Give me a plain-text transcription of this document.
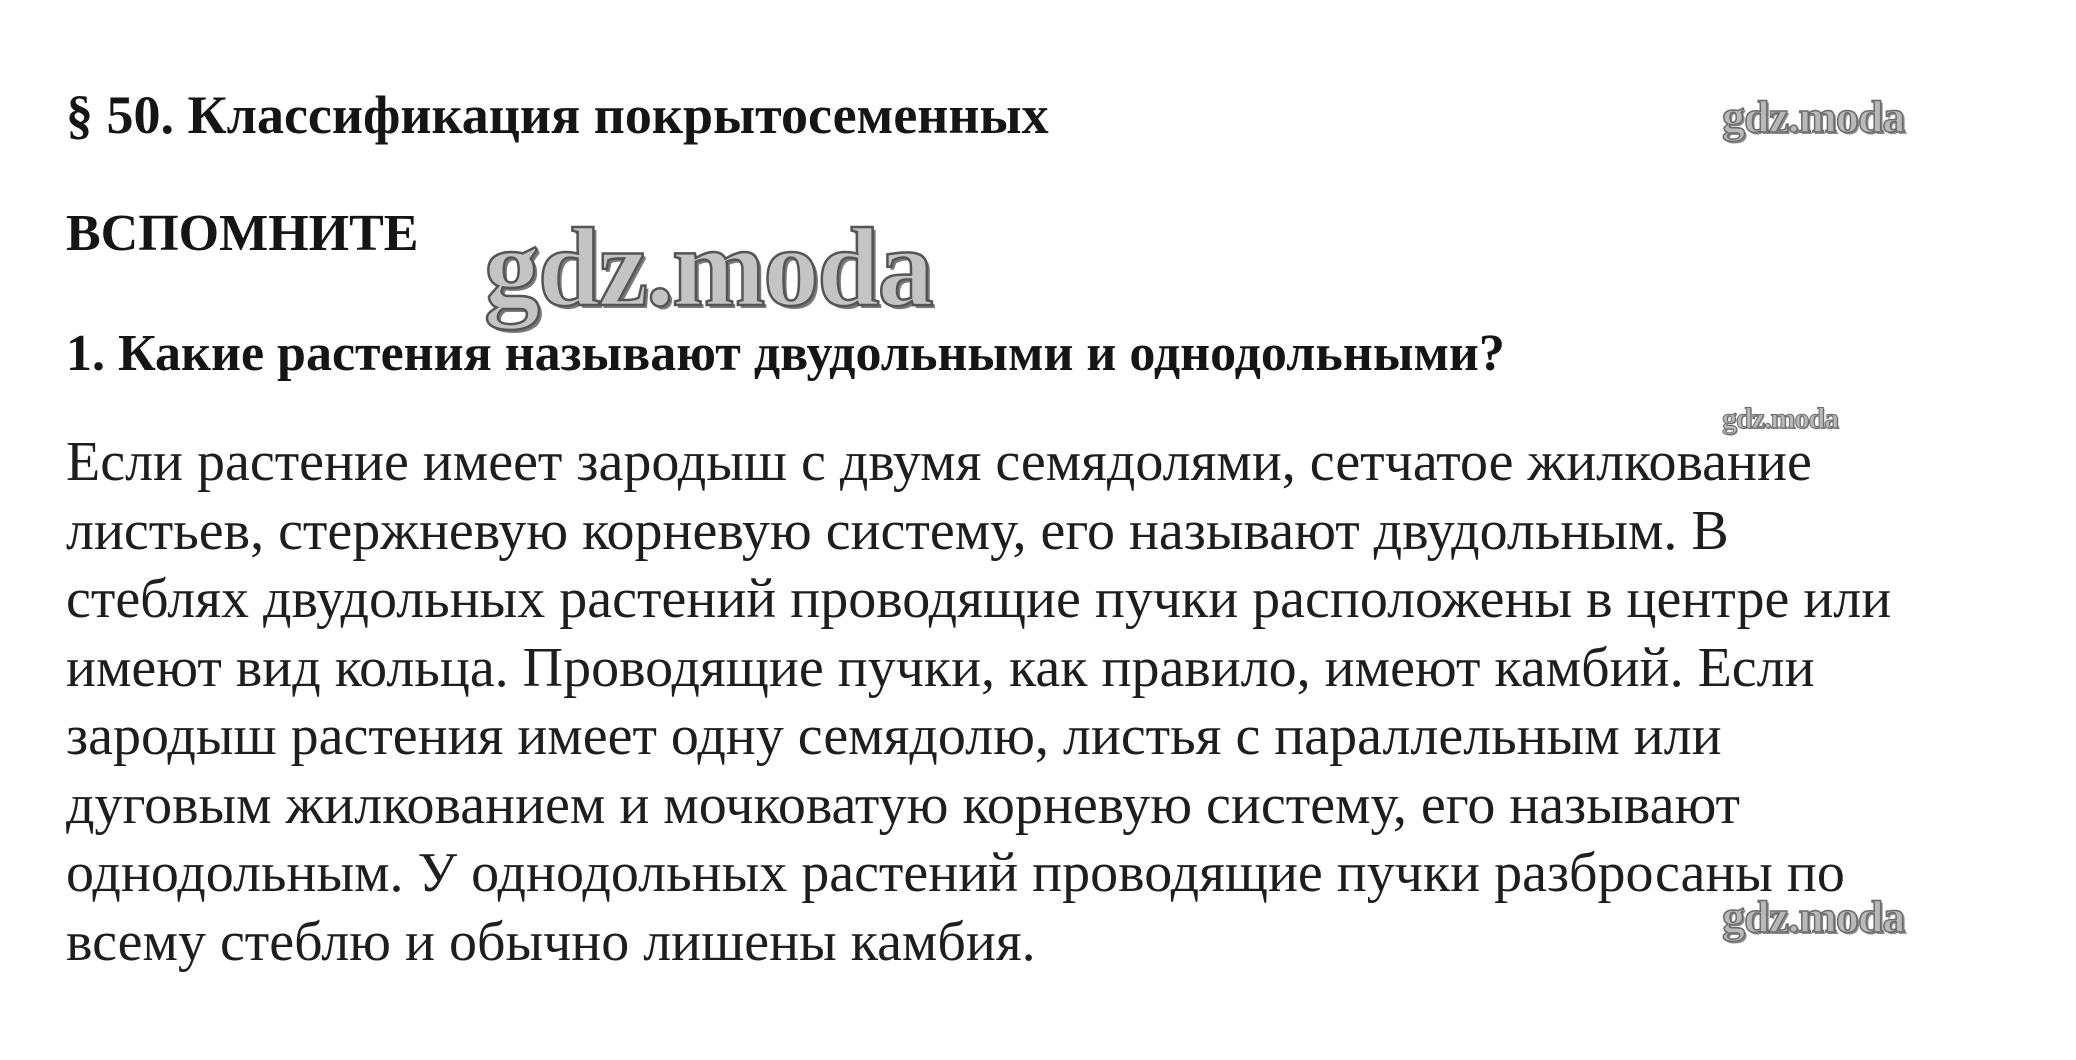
§ 50. Классификация покрытосеменных
ВСПОМНИТЕ
1. Какие растения называют двудольными и однодольными?

Если растение имеет зародыш с двумя семядолями, сетчатое жилкование
листьев, стержневую корневую систему, его называют двудольным. В
стеблях двудольных растений проводящие пучки расположены в центре или
имеют вид кольца. Проводящие пучки, как правило, имеют камбий. Если
зародыш растения имеет одну семядолю, листья с параллельным или
дуговым жилкованием и мочковатую корневую систему, его называют
однодольным. У однодольных растений проводящие пучки разбросаны по
всему стеблю и обычно лишены камбия.

gdz.moda
gdz.moda
gdz.moda
gdz.moda
